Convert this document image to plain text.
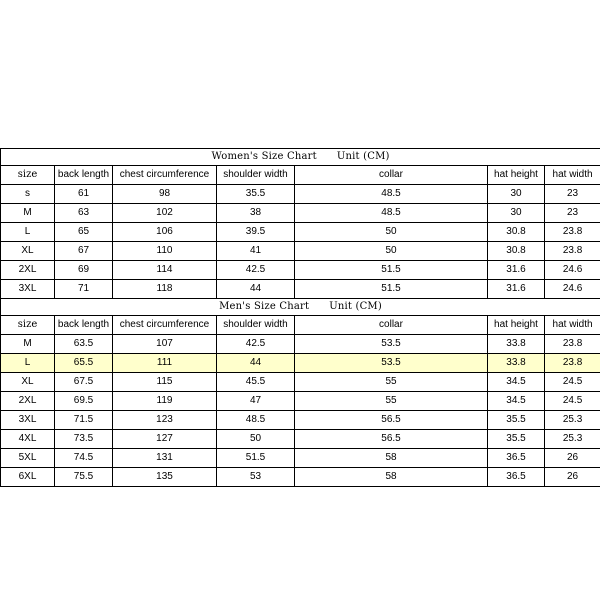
Women's Size Chart Unit (CM)						
size	back length	chest circumference	shoulder width	collar	hat height	hat width
s	61	98	35.5	48.5	30	23
M	63	102	38	48.5	30	23
L	65	106	39.5	50	30.8	23.8
XL	67	110	41	50	30.8	23.8
2XL	69	114	42.5	51.5	31.6	24.6
3XL	71	118	44	51.5	31.6	24.6
Men's Size Chart Unit (CM)						
size	back length	chest circumference	shoulder width	collar	hat height	hat width
M	63.5	107	42.5	53.5	33.8	23.8
L	65.5	111	44	53.5	33.8	23.8
XL	67.5	115	45.5	55	34.5	24.5
2XL	69.5	119	47	55	34.5	24.5
3XL	71.5	123	48.5	56.5	35.5	25.3
4XL	73.5	127	50	56.5	35.5	25.3
5XL	74.5	131	51.5	58	36.5	26
6XL	75.5	135	53	58	36.5	26
